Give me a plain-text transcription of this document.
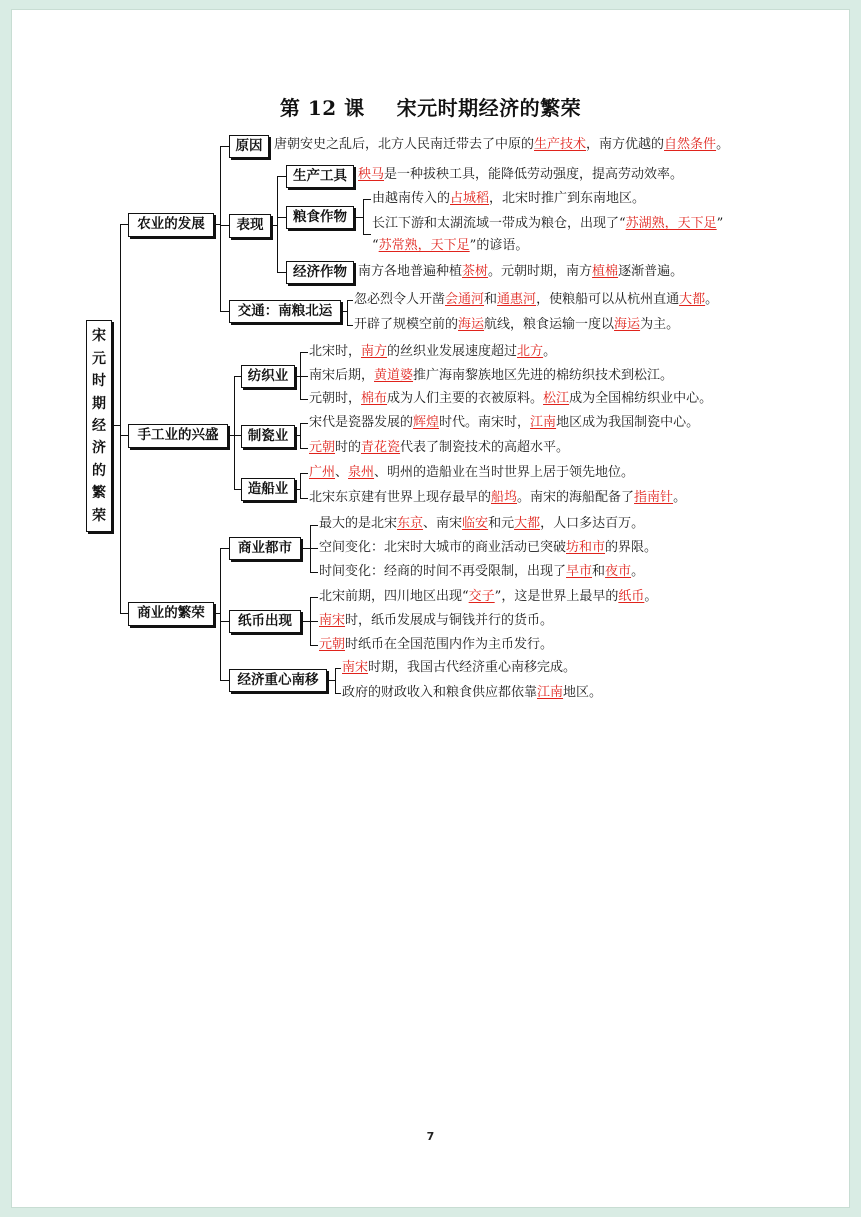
第 12 课 宋元时期经济的繁荣
宋
元
时
期
经
济
的
繁
荣
农业的发展
原因 唐朝安史之乱后，北方人民南迁带去了中原的生产技术，南方优越的自然条件。
表现
生产工具 秧马是一种拔秧工具，能降低劳动强度，提高劳动效率。
粮食作物
由越南传入的占城稻，北宋时推广到东南地区。
长江下游和太湖流域一带成为粮仓，出现了“苏湖熟，天下足”
“苏常熟，天下足”的谚语。
经济作物 南方各地普遍种植茶树。元朝时期，南方植棉逐渐普遍。
交通：南粮北运
忽必烈令人开凿会通河和通惠河，使粮船可以从杭州直通大都。
开辟了规模空前的海运航线，粮食运输一度以海运为主。
手工业的兴盛
纺织业
北宋时，南方的丝织业发展速度超过北方。
南宋后期，黄道婆推广海南黎族地区先进的棉纺织技术到松江。
元朝时，棉布成为人们主要的衣被原料。松江成为全国棉纺织业中心。
制瓷业
宋代是瓷器发展的辉煌时代。南宋时，江南地区成为我国制瓷中心。
元朝时的青花瓷代表了制瓷技术的高超水平。
造船业
广州、泉州、明州的造船业在当时世界上居于领先地位。
北宋东京建有世界上现存最早的船坞。南宋的海船配备了指南针。
商业的繁荣
商业都市
最大的是北宋东京、南宋临安和元大都，人口多达百万。
空间变化：北宋时大城市的商业活动已突破坊和市的界限。
时间变化：经商的时间不再受限制，出现了早市和夜市。
纸币出现
北宋前期，四川地区出现“交子”，这是世界上最早的纸币。
南宋时，纸币发展成与铜钱并行的货币。
元朝时纸币在全国范围内作为主币发行。
经济重心南移
南宋时期，我国古代经济重心南移完成。
政府的财政收入和粮食供应都依靠江南地区。
7
